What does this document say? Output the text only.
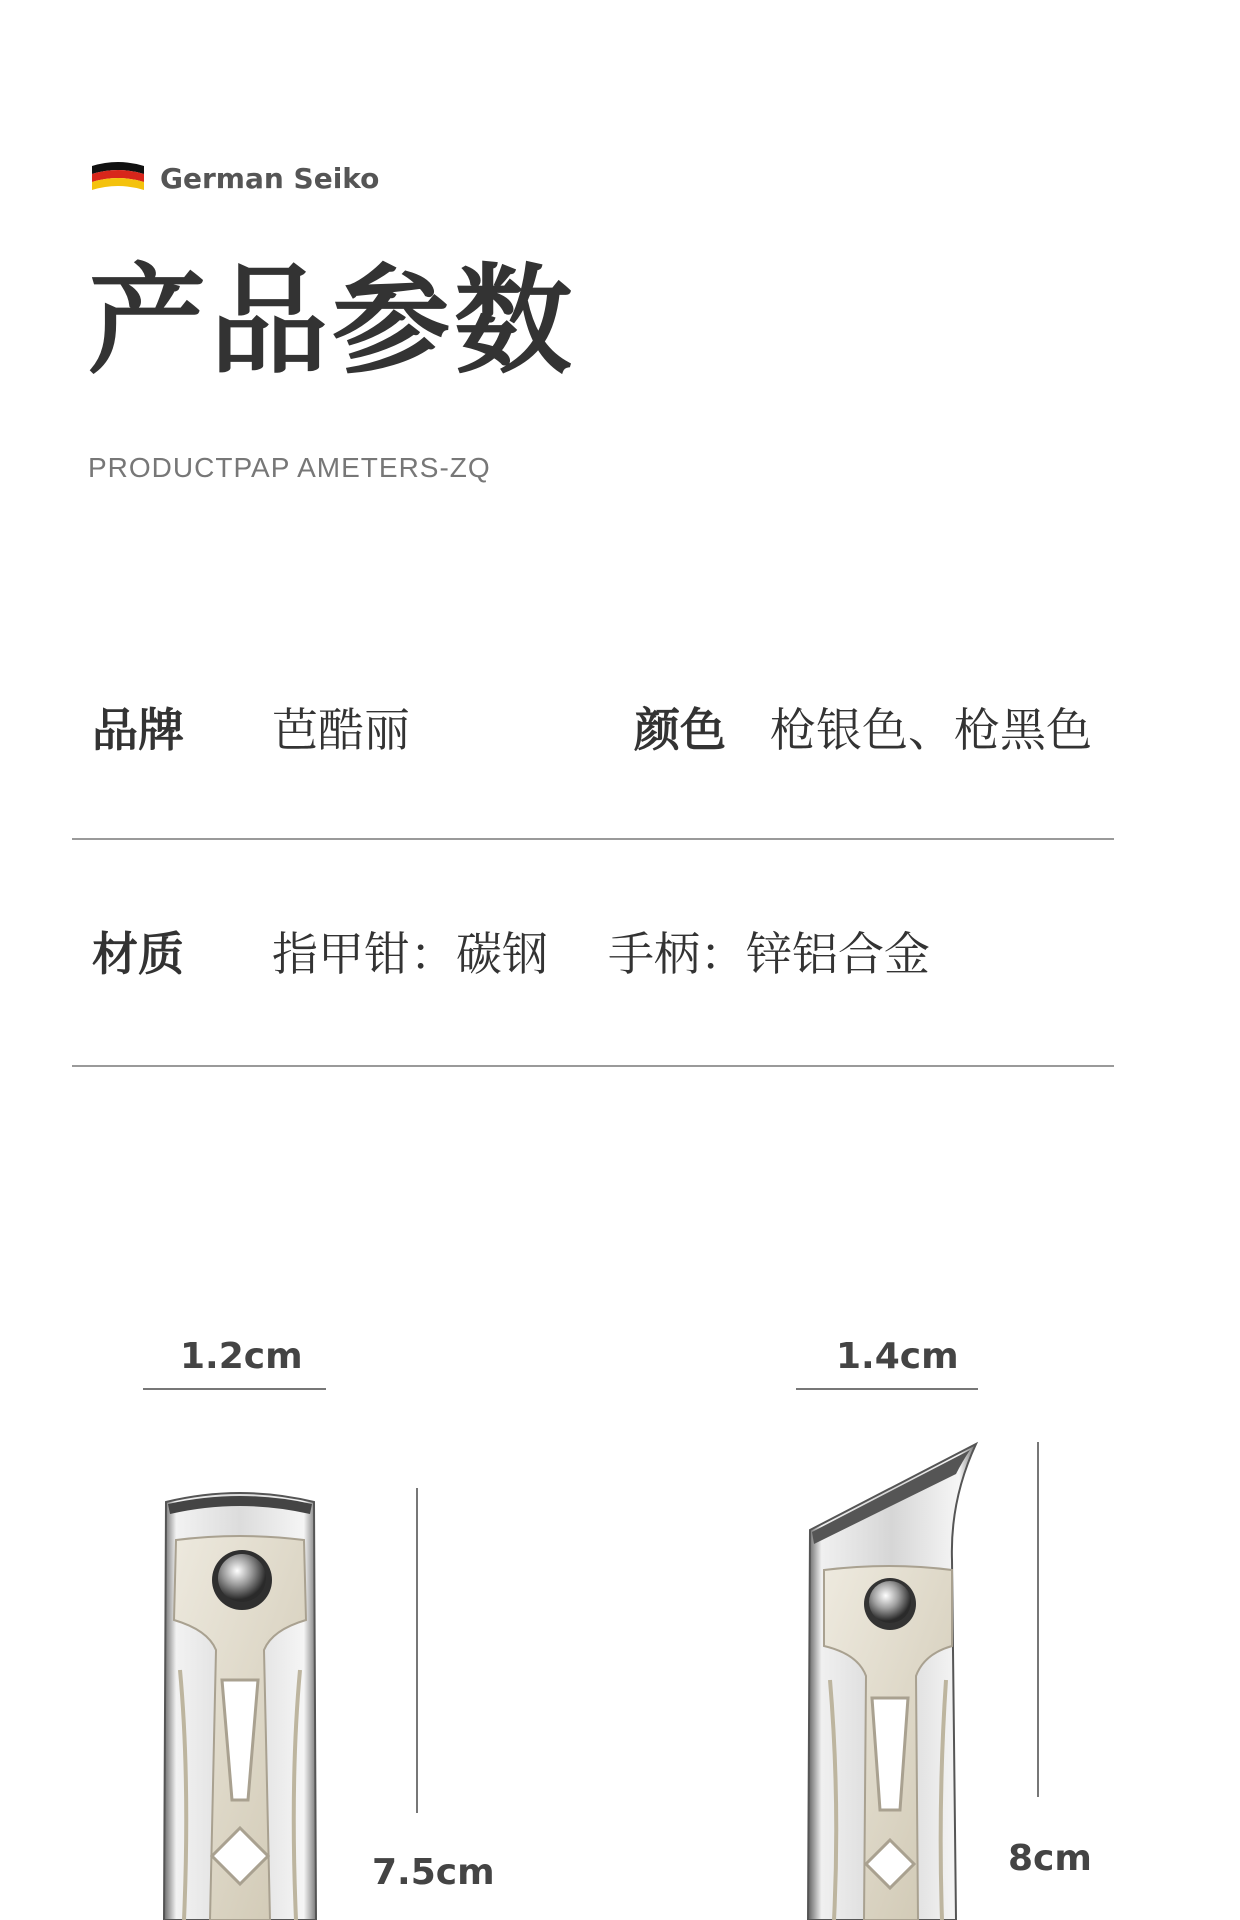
German Seiko
产品参数
PRODUCTPAP AMETERS-ZQ
品牌 芭酷丽	颜色 枪银色、枪黑色
材质 指甲钳：碳钢 手柄：锌铝合金
1.2cm
7.5cm
1.4cm
8cm
